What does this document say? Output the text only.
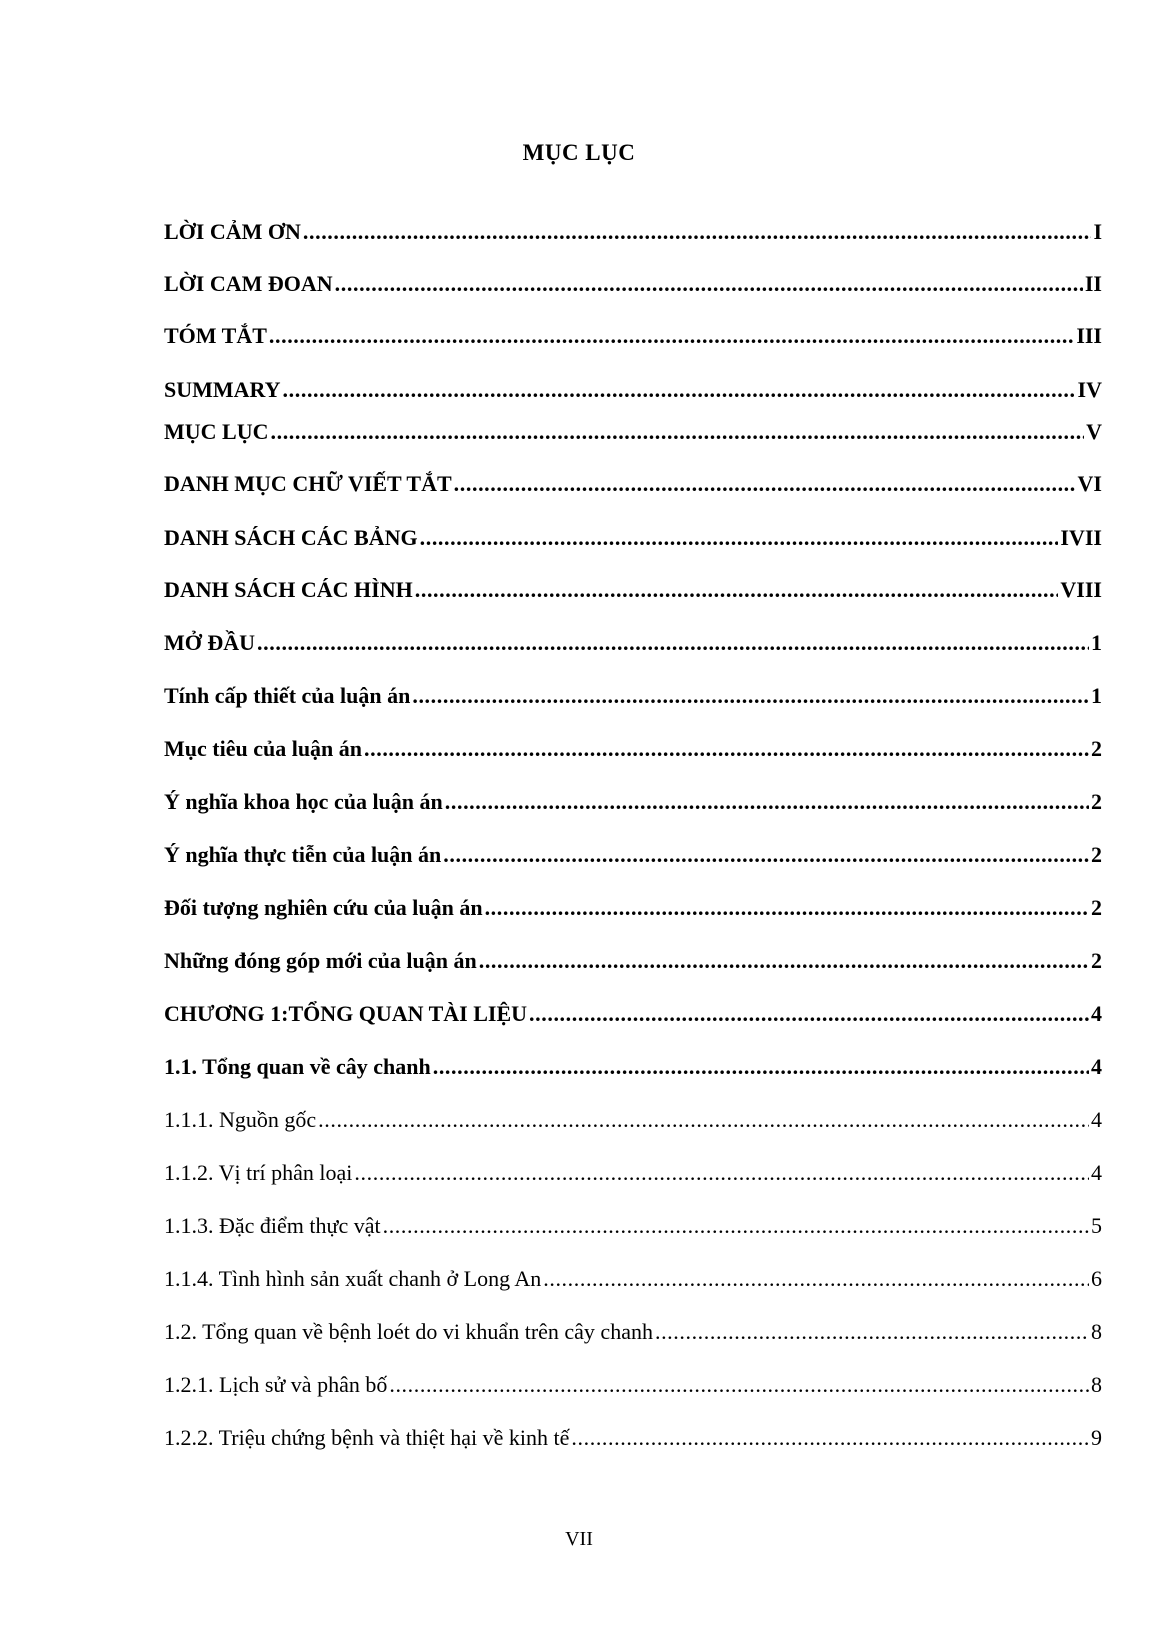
MỤC LỤC
LỜI CẢM ƠN .....	I
LỜI CAM ĐOAN .....	II
TÓM TẮT .....	III
SUMMARY .....	IV
MỤC LỤC .....	V
DANH MỤC CHỮ VIẾT TẮT .....	VI
DANH SÁCH CÁC BẢNG .....	IVII
DANH SÁCH CÁC HÌNH .....	VIII
MỞ ĐẦU .....	1
Tính cấp thiết của luận án .....	1
Mục tiêu của luận án .....	2
Ý nghĩa khoa học của luận án .....	2
Ý nghĩa thực tiễn của luận án .....	2
Đối tượng nghiên cứu của luận án .....	2
Những đóng góp mới của luận án .....	2
CHƯƠNG 1:TỔNG QUAN TÀI LIỆU .....	4
1.1. Tổng quan về cây chanh .....	4
1.1.1. Nguồn gốc .....	4
1.1.2. Vị trí phân loại .....	4
1.1.3. Đặc điểm thực vật .....	5
1.1.4. Tình hình sản xuất chanh ở Long An .....	6
1.2. Tổng quan về bệnh loét do vi khuẩn trên cây chanh .....	8
1.2.1. Lịch sử và phân bố .....	8
1.2.2. Triệu chứng bệnh và thiệt hại về kinh tế .....	9
VII
